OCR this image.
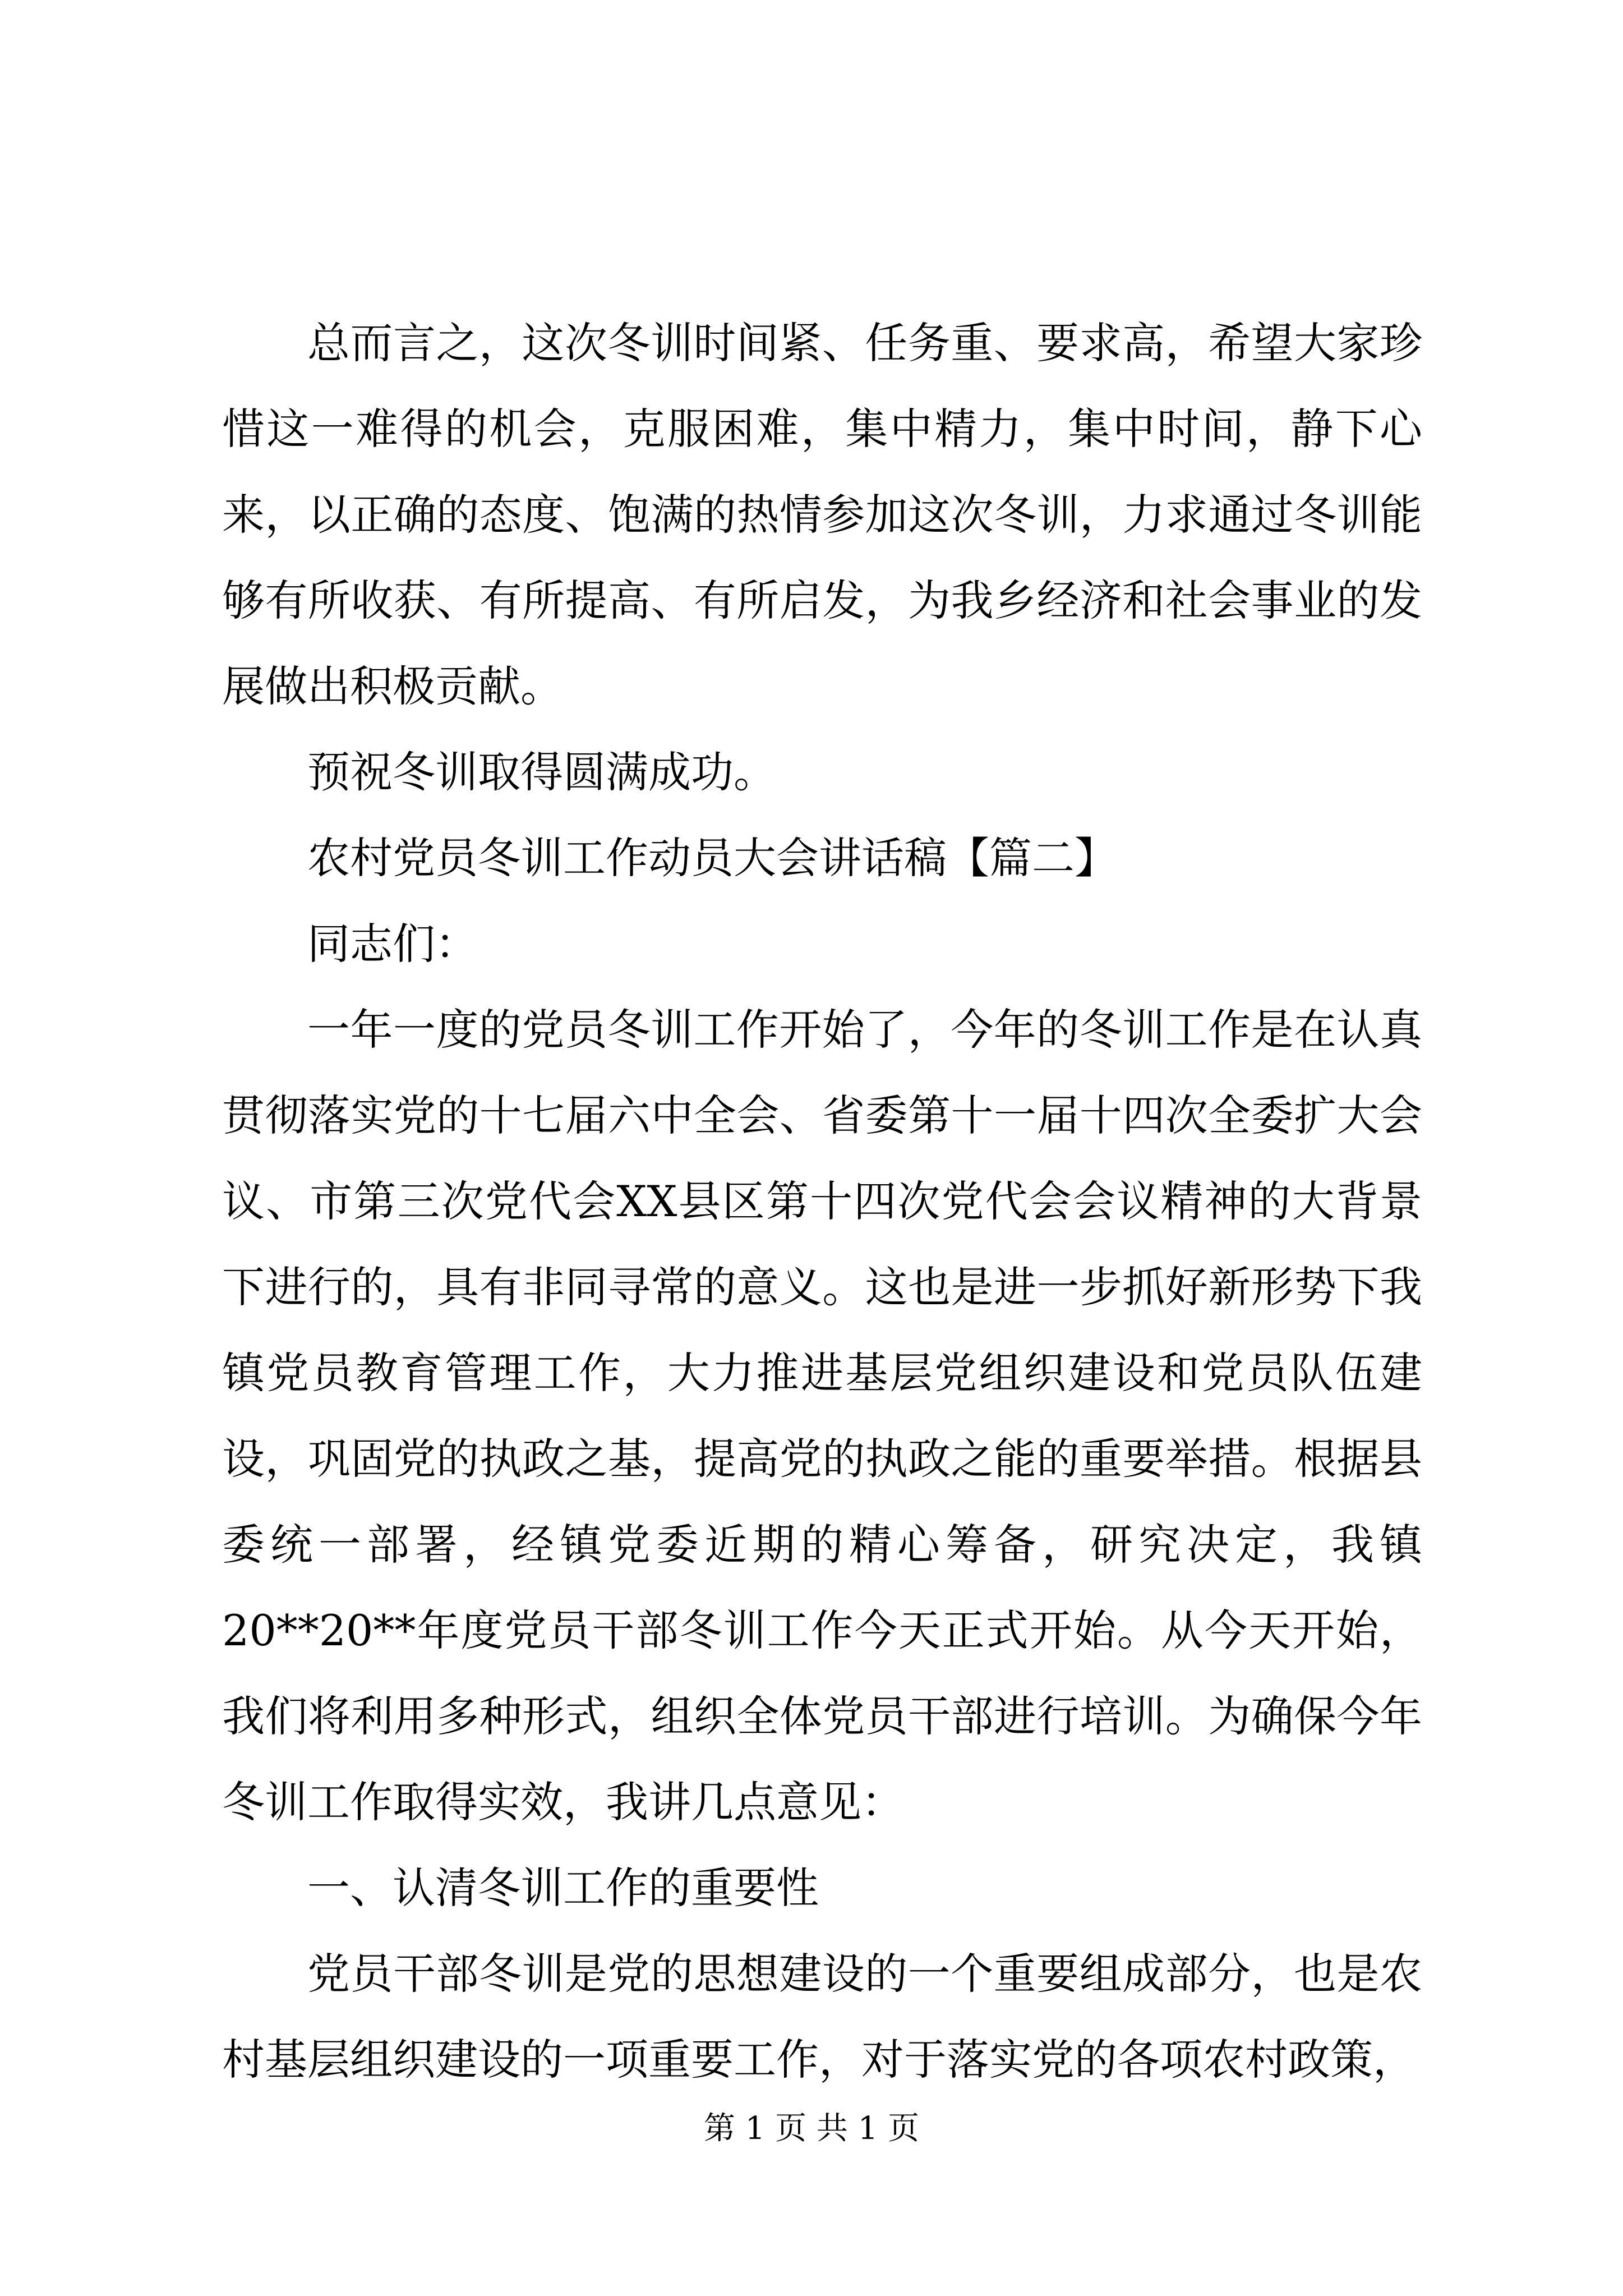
总而言之，这次冬训时间紧、任务重、要求高，希望大家珍惜这一难得的机会，克服困难，集中精力，集中时间，静下心来，以正确的态度、饱满的热情参加这次冬训，力求通过冬训能够有所收获、有所提高、有所启发，为我乡经济和社会事业的发展做出积极贡献。

预祝冬训取得圆满成功。

农村党员冬训工作动员大会讲话稿【篇二】

同志们：

一年一度的党员冬训工作开始了，今年的冬训工作是在认真贯彻落实党的十七届六中全会、省委第十一届十四次全委扩大会议、市第三次党代会XX县区第十四次党代会会议精神的大背景下进行的，具有非同寻常的意义。这也是进一步抓好新形势下我镇党员教育管理工作，大力推进基层党组织建设和党员队伍建设，巩固党的执政之基，提高党的执政之能的重要举措。根据县委统一部署，经镇党委近期的精心筹备，研究决定，我镇20**20**年度党员干部冬训工作今天正式开始。从今天开始，我们将利用多种形式，组织全体党员干部进行培训。为确保今年冬训工作取得实效，我讲几点意见：

一、认清冬训工作的重要性

党员干部冬训是党的思想建设的一个重要组成部分，也是农村基层组织建设的一项重要工作，对于落实党的各项农村政策，

第 1 页 共 1 页
